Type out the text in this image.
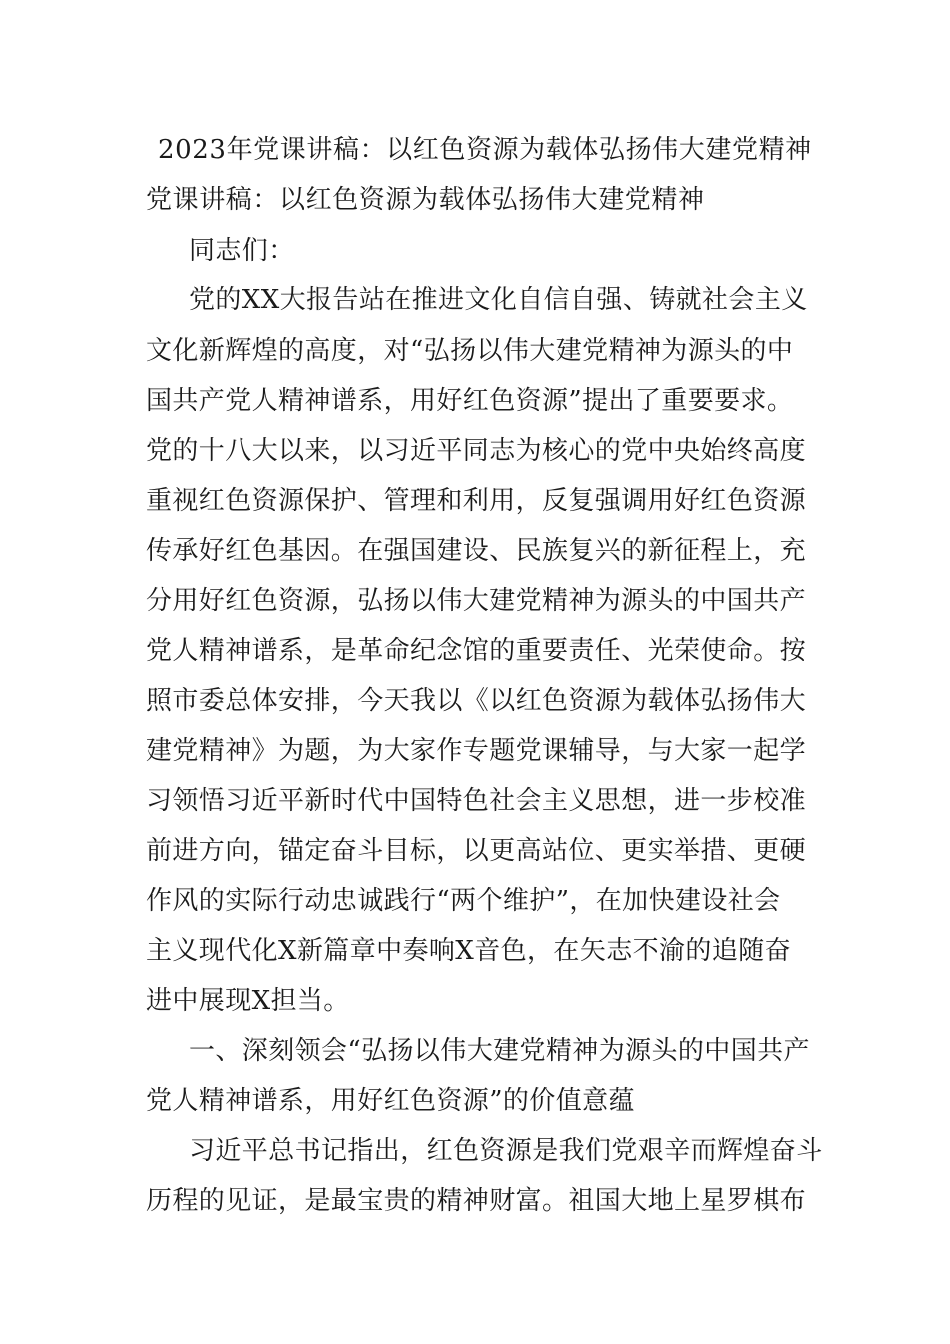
2023年党课讲稿：以红色资源为载体弘扬伟大建党精神
党课讲稿：以红色资源为载体弘扬伟大建党精神
同志们：
党的XX大报告站在推进文化自信自强、铸就社会主义
文化新辉煌的高度，对“弘扬以伟大建党精神为源头的中
国共产党人精神谱系，用好红色资源”提出了重要要求。
党的十八大以来，以习近平同志为核心的党中央始终高度
重视红色资源保护、管理和利用，反复强调用好红色资源
传承好红色基因。在强国建设、民族复兴的新征程上，充
分用好红色资源，弘扬以伟大建党精神为源头的中国共产
党人精神谱系，是革命纪念馆的重要责任、光荣使命。按
照市委总体安排，今天我以《以红色资源为载体弘扬伟大
建党精神》为题，为大家作专题党课辅导，与大家一起学
习领悟习近平新时代中国特色社会主义思想，进一步校准
前进方向，锚定奋斗目标，以更高站位、更实举措、更硬
作风的实际行动忠诚践行“两个维护”，在加快建设社会
主义现代化X新篇章中奏响X音色，在矢志不渝的追随奋
进中展现X担当。
一、深刻领会“弘扬以伟大建党精神为源头的中国共产
党人精神谱系，用好红色资源”的价值意蕴
习近平总书记指出，红色资源是我们党艰辛而辉煌奋斗
历程的见证，是最宝贵的精神财富。祖国大地上星罗棋布
